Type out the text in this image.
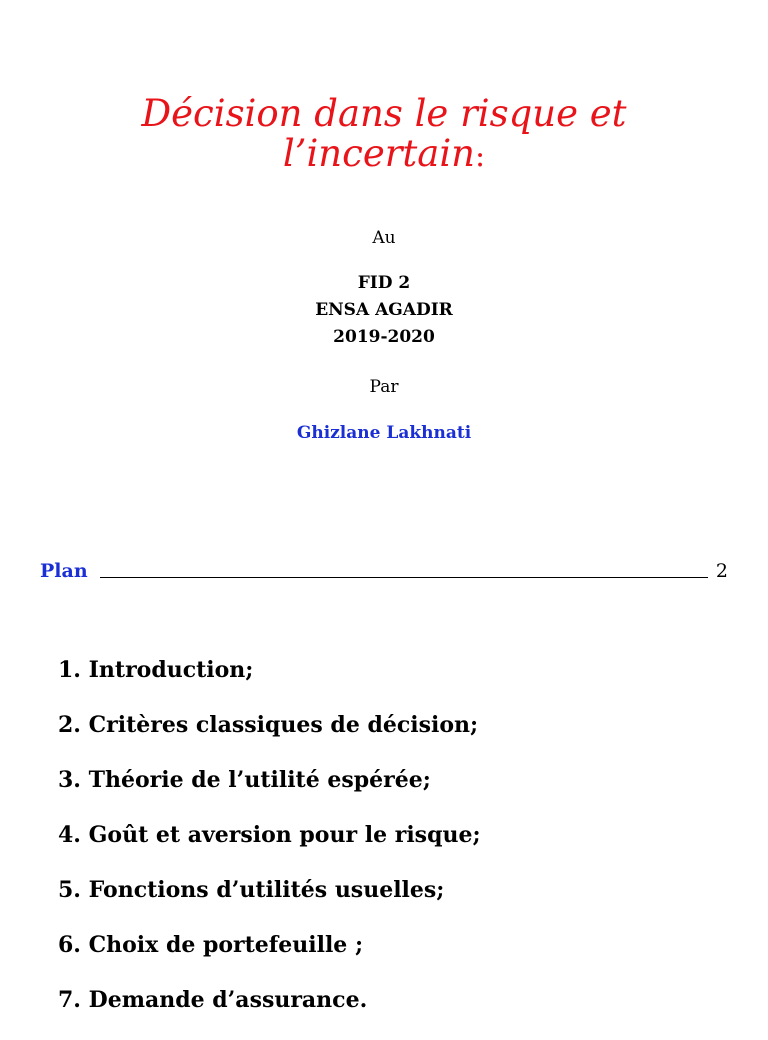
Décision dans le risque et
l’incertain:
Au
FID 2
ENSA AGADIR
2019-2020
Par
Ghizlane Lakhnati
Plan	2
1. Introduction;
2. Critères classiques de décision;
3. Théorie de l’utilité espérée;
4. Goût et aversion pour le risque;
5. Fonctions d’utilités usuelles;
6. Choix de portefeuille ;
7. Demande d’assurance.
